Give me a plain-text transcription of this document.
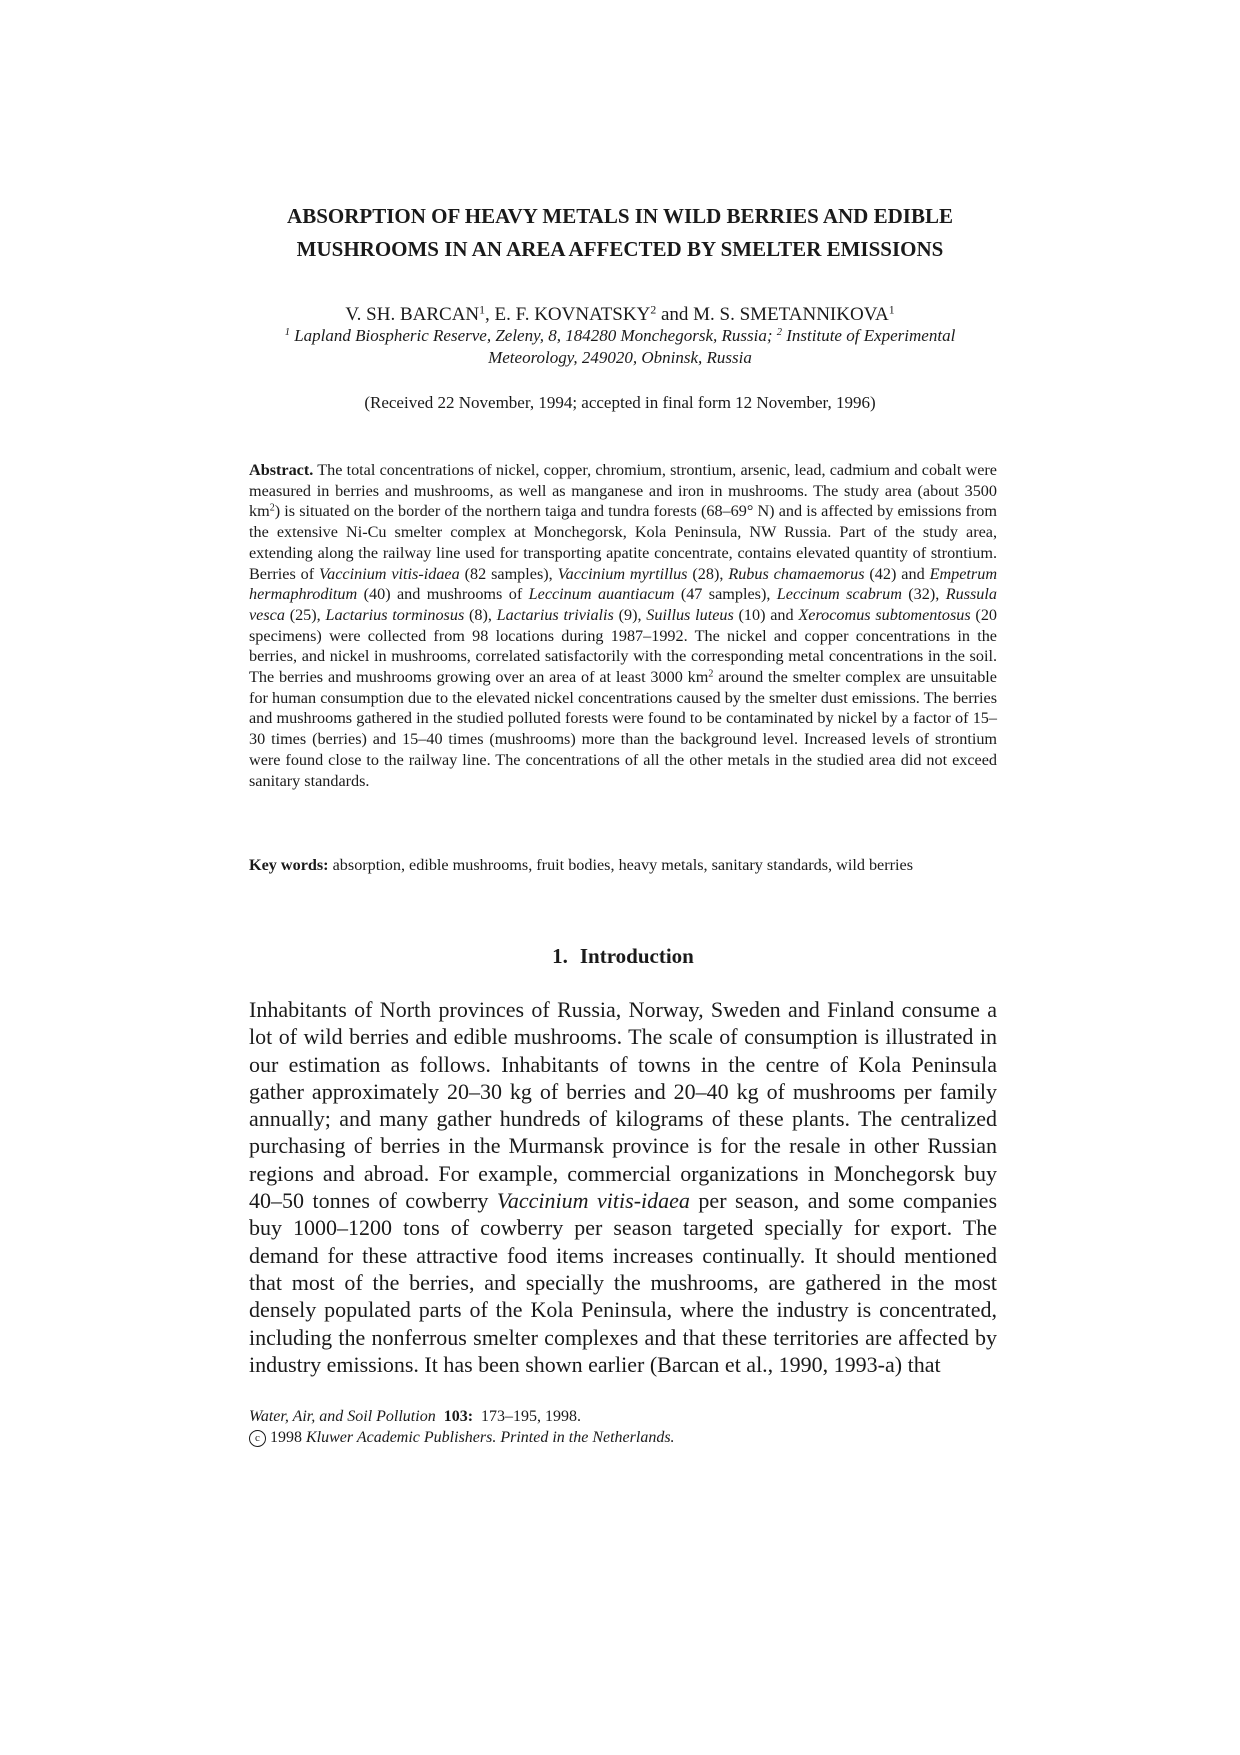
ABSORPTION OF HEAVY METALS IN WILD BERRIES AND EDIBLE
MUSHROOMS IN AN AREA AFFECTED BY SMELTER EMISSIONS
V. SH. BARCAN$^1$, E. F. KOVNATSKY$^2$ and M. S. SMETANNIKOVA$^1$
$^1$ Lapland Biospheric Reserve, Zeleny, 8, 184280 Monchegorsk, Russia; $^2$ Institute of Experimental
Meteorology, 249020, Obninsk, Russia
(Received 22 November, 1994; accepted in final form 12 November, 1996)

Abstract. The total concentrations of nickel, copper, chromium, strontium, arsenic, lead, cadmium and cobalt were measured in berries and mushrooms, as well as manganese and iron in mushrooms. The study area (about 3500 $km^2$) is situated on the border of the northern taiga and tundra forests (68–69° N) and is affected by emissions from the extensive Ni-Cu smelter complex at Monchegorsk, Kola Peninsula, NW Russia. Part of the study area, extending along the railway line used for transporting apatite concentrate, contains elevated quantity of strontium. Berries of Vaccinium vitis-idaea (82 samples), Vaccinium myrtillus (28), Rubus chamaemorus (42) and Empetrum hermaphroditum (40) and mushrooms of Leccinum auantiacum (47 samples), Leccinum scabrum (32), Russula vesca (25), Lactarius torminosus (8), Lactarius trivialis (9), Suillus luteus (10) and Xerocomus subtomentosus (20 specimens) were collected from 98 locations during 1987–1992. The nickel and copper concentrations in the berries, and nickel in mushrooms, correlated satisfactorily with the corresponding metal concentrations in the soil. The berries and mushrooms growing over an area of at least 3000 $km^2$ around the smelter complex are unsuitable for human consumption due to the elevated nickel concentrations caused by the smelter dust emissions. The berries and mushrooms gathered in the studied polluted forests were found to be contaminated by nickel by a factor of 15–30 times (berries) and 15–40 times (mushrooms) more than the background level. Increased levels of strontium were found close to the railway line. The concentrations of all the other metals in the studied area did not exceed sanitary standards.

Key words: absorption, edible mushrooms, fruit bodies, heavy metals, sanitary standards, wild berries
1. Introduction

Inhabitants of North provinces of Russia, Norway, Sweden and Finland consume a lot of wild berries and edible mushrooms. The scale of consumption is illustrated in our estimation as follows. Inhabitants of towns in the centre of Kola Peninsula gather approximately 20–30 kg of berries and 20–40 kg of mushrooms per family annually; and many gather hundreds of kilograms of these plants. The centralized purchasing of berries in the Murmansk province is for the resale in other Russian regions and abroad. For example, commercial organizations in Monchegorsk buy 40–50 tonnes of cowberry Vaccinium vitis-idaea per season, and some companies buy 1000–1200 tons of cowberry per season targeted specially for export. The demand for these attractive food items increases continually. It should mentioned that most of the berries, and specially the mushrooms, are gathered in the most densely populated parts of the Kola Peninsula, where the industry is concentrated, including the nonferrous smelter complexes and that these territories are affected by industry emissions. It has been shown earlier (Barcan et al., 1990, 1993-a) that

Water, Air, and Soil Pollution 103: 173–195, 1998.
c 1998 Kluwer Academic Publishers. Printed in the Netherlands.
